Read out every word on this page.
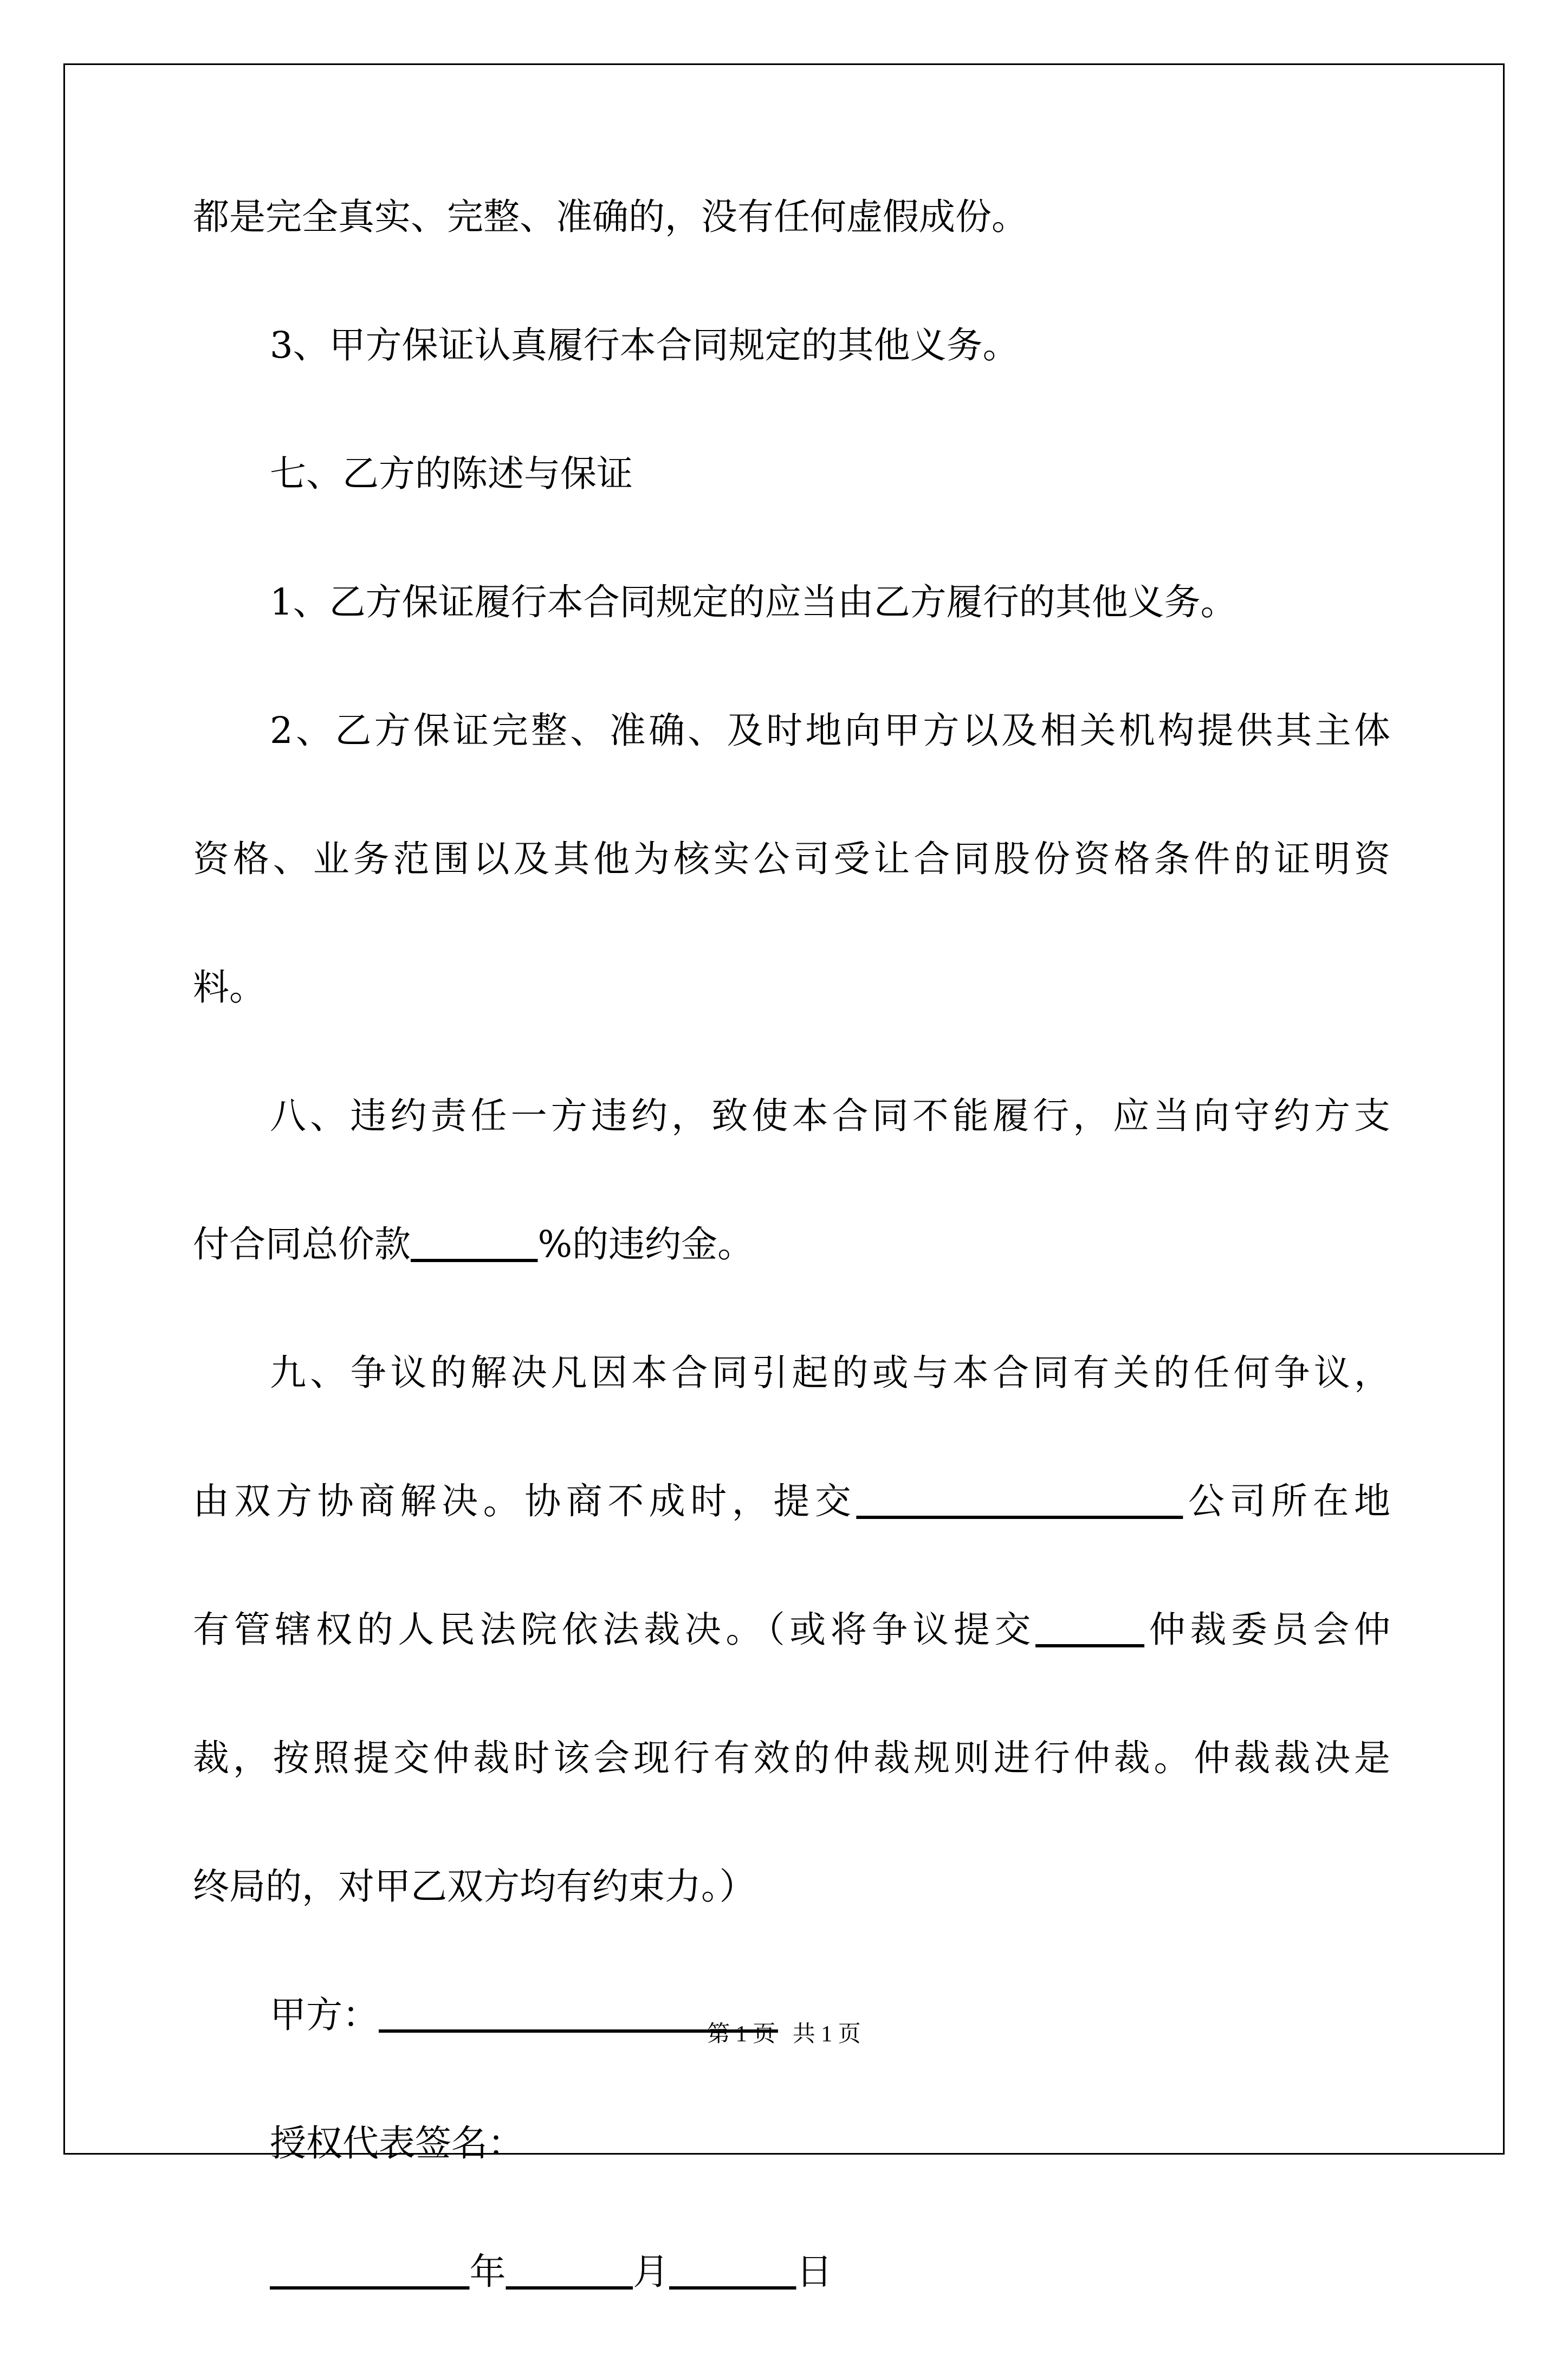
都是完全真实、完整、准确的，没有任何虚假成份。
3、甲方保证认真履行本合同规定的其他义务。
七、乙方的陈述与保证
1、乙方保证履行本合同规定的应当由乙方履行的其他义务。
2、乙方保证完整、准确、及时地向甲方以及相关机构提供其主体
资格、业务范围以及其他为核实公司受让合同股份资格条件的证明资
料。
八、违约责任一方违约，致使本合同不能履行，应当向守约方支
付合同总价款       	%的违约金。
九、争议的解决凡因本合同引起的或与本合同有关的任何争议，
由双方协商解决。协商不成时，提交                  	公司所在地
有管辖权的人民法院依法裁决。（或将争议提交      	仲裁委员会仲
裁，按照提交仲裁时该会现行有效的仲裁规则进行仲裁。仲裁裁决是
终局的，对甲乙双方均有约束力。）
甲方：                      
授权代表签名：
           年       	月       	日
第 1 页   共 1 页
